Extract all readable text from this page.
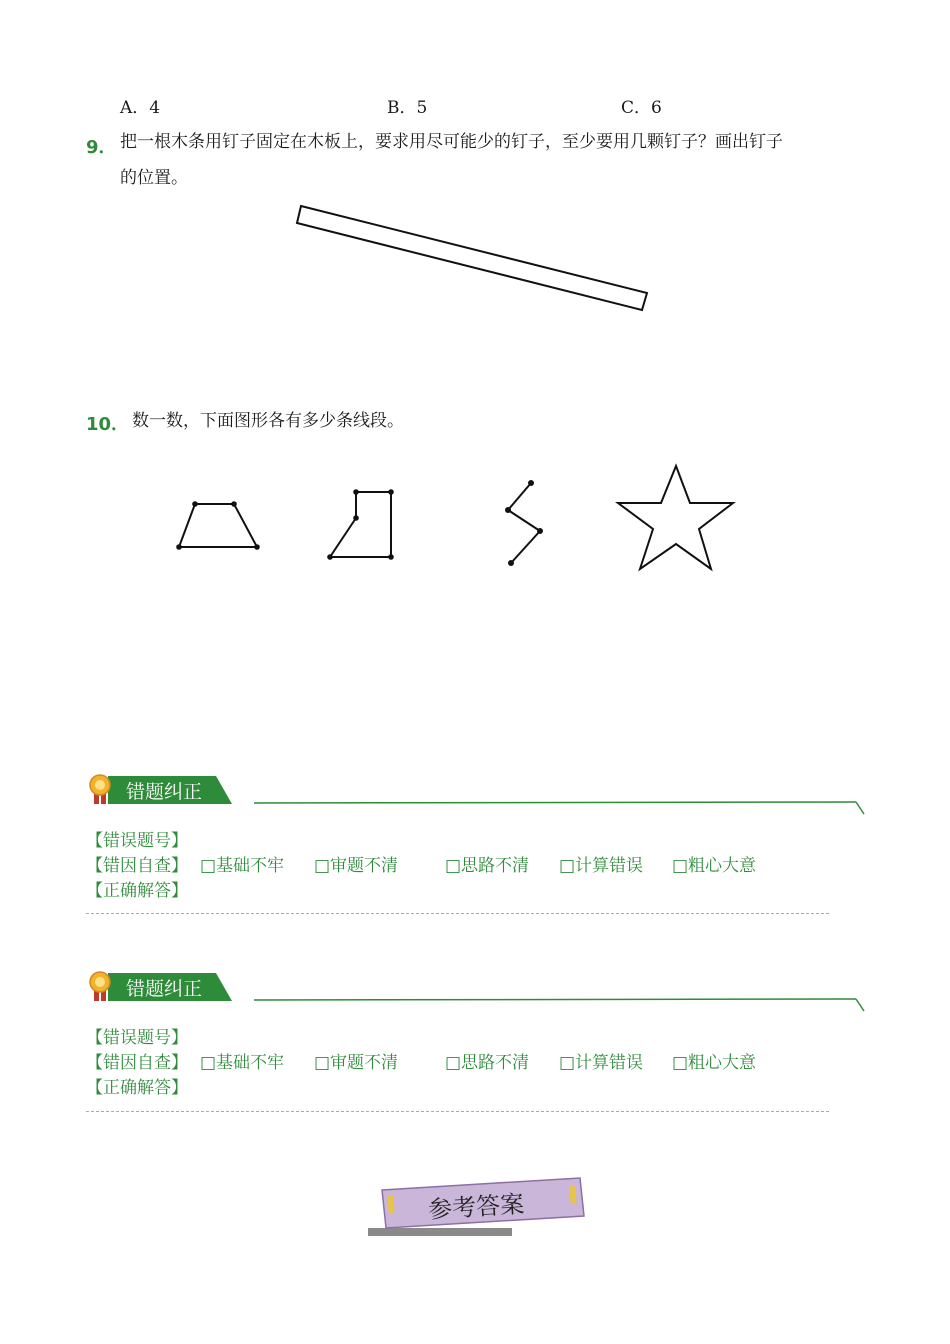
A．4	B．5	C．6
9． 把一根木条用钉子固定在木板上，要求用尽可能少的钉子，至少要用几颗钉子？画出钉子
的位置。
10． 数一数，下面图形各有多少条线段。
错题纠正
【错误题号】
【错因自查】 □基础不牢 □审题不清	□思路不清 □计算错误 □粗心大意
【正确解答】
错题纠正
【错误题号】
【错因自查】 □基础不牢 □审题不清	□思路不清 □计算错误 □粗心大意
【正确解答】
参考答案
